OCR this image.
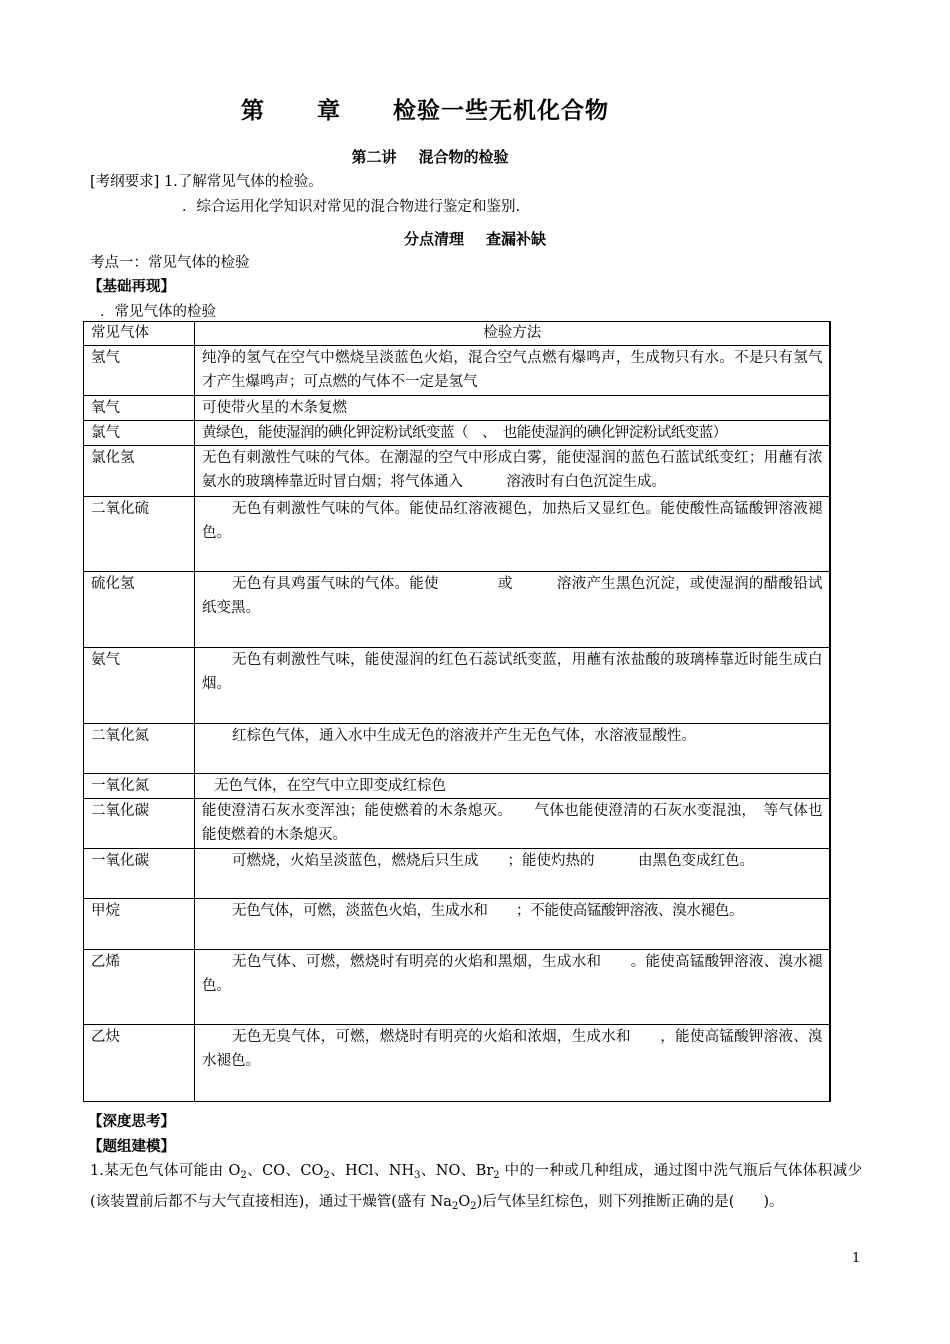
第 章 检验一些无机化合物
第二讲 混合物的检验
[考纲要求] 1.了解常见气体的检验。
．综合运用化学知识对常见的混合物进行鉴定和鉴别.
分点清理 查漏补缺
考点一：常见气体的检验
【基础再现】
．常见气体的检验
常见气体	检验方法
氢气	纯净的氢气在空气中燃烧呈淡蓝色火焰，混合空气点燃有爆鸣声，生成物只有水。不是只有氢气才产生爆鸣声；可点燃的气体不一定是氢气
氧气	可使带火星的木条复燃
氯气	黄绿色，能使湿润的碘化钾淀粉试纸变蓝（　、　也能使湿润的碘化钾淀粉试纸变蓝）
氯化氢	无色有刺激性气味的气体。在潮湿的空气中形成白雾，能使湿润的蓝色石蓝试纸变红；用蘸有浓氨水的玻璃棒靠近时冒白烟；将气体通入　　　溶液时有白色沉淀生成。
二氧化硫	无色有刺激性气味的气体。能使品红溶液褪色，加热后又显红色。能使酸性高锰酸钾溶液褪色。
硫化氢	无色有具鸡蛋气味的气体。能使　　　　或　　　溶液产生黑色沉淀，或使湿润的醋酸铅试纸变黑。
氨气	无色有刺激性气味，能使湿润的红色石蕊试纸变蓝，用蘸有浓盐酸的玻璃棒靠近时能生成白烟。
二氧化氮	红棕色气体，通入水中生成无色的溶液并产生无色气体，水溶液显酸性。
一氧化氮	无色气体，在空气中立即变成红棕色
二氧化碳	能使澄清石灰水变浑浊；能使燃着的木条熄灭。　　气体也能使澄清的石灰水变混浊，　等气体也能使燃着的木条熄灭。
一氧化碳	可燃烧，火焰呈淡蓝色，燃烧后只生成　　；能使灼热的　　　由黑色变成红色。
甲烷	无色气体，可燃，淡蓝色火焰，生成水和　　；不能使高锰酸钾溶液、溴水褪色。
乙烯	无色气体、可燃，燃烧时有明亮的火焰和黑烟，生成水和　　。能使高锰酸钾溶液、溴水褪色。
乙炔	无色无臭气体，可燃，燃烧时有明亮的火焰和浓烟，生成水和　　，能使高锰酸钾溶液、溴水褪色。
【深度思考】
【题组建模】
1.某无色气体可能由 $O_2$、CO、$CO_2$、HCl、$NH_3$、NO、$Br_2$ 中的一种或几种组成，通过图中洗气瓶后气体体积减少(该装置前后都不与大气直接相连)，通过干燥管(盛有 $Na_2O_2$)后气体呈红棕色，则下列推断正确的是(　　)。
1
